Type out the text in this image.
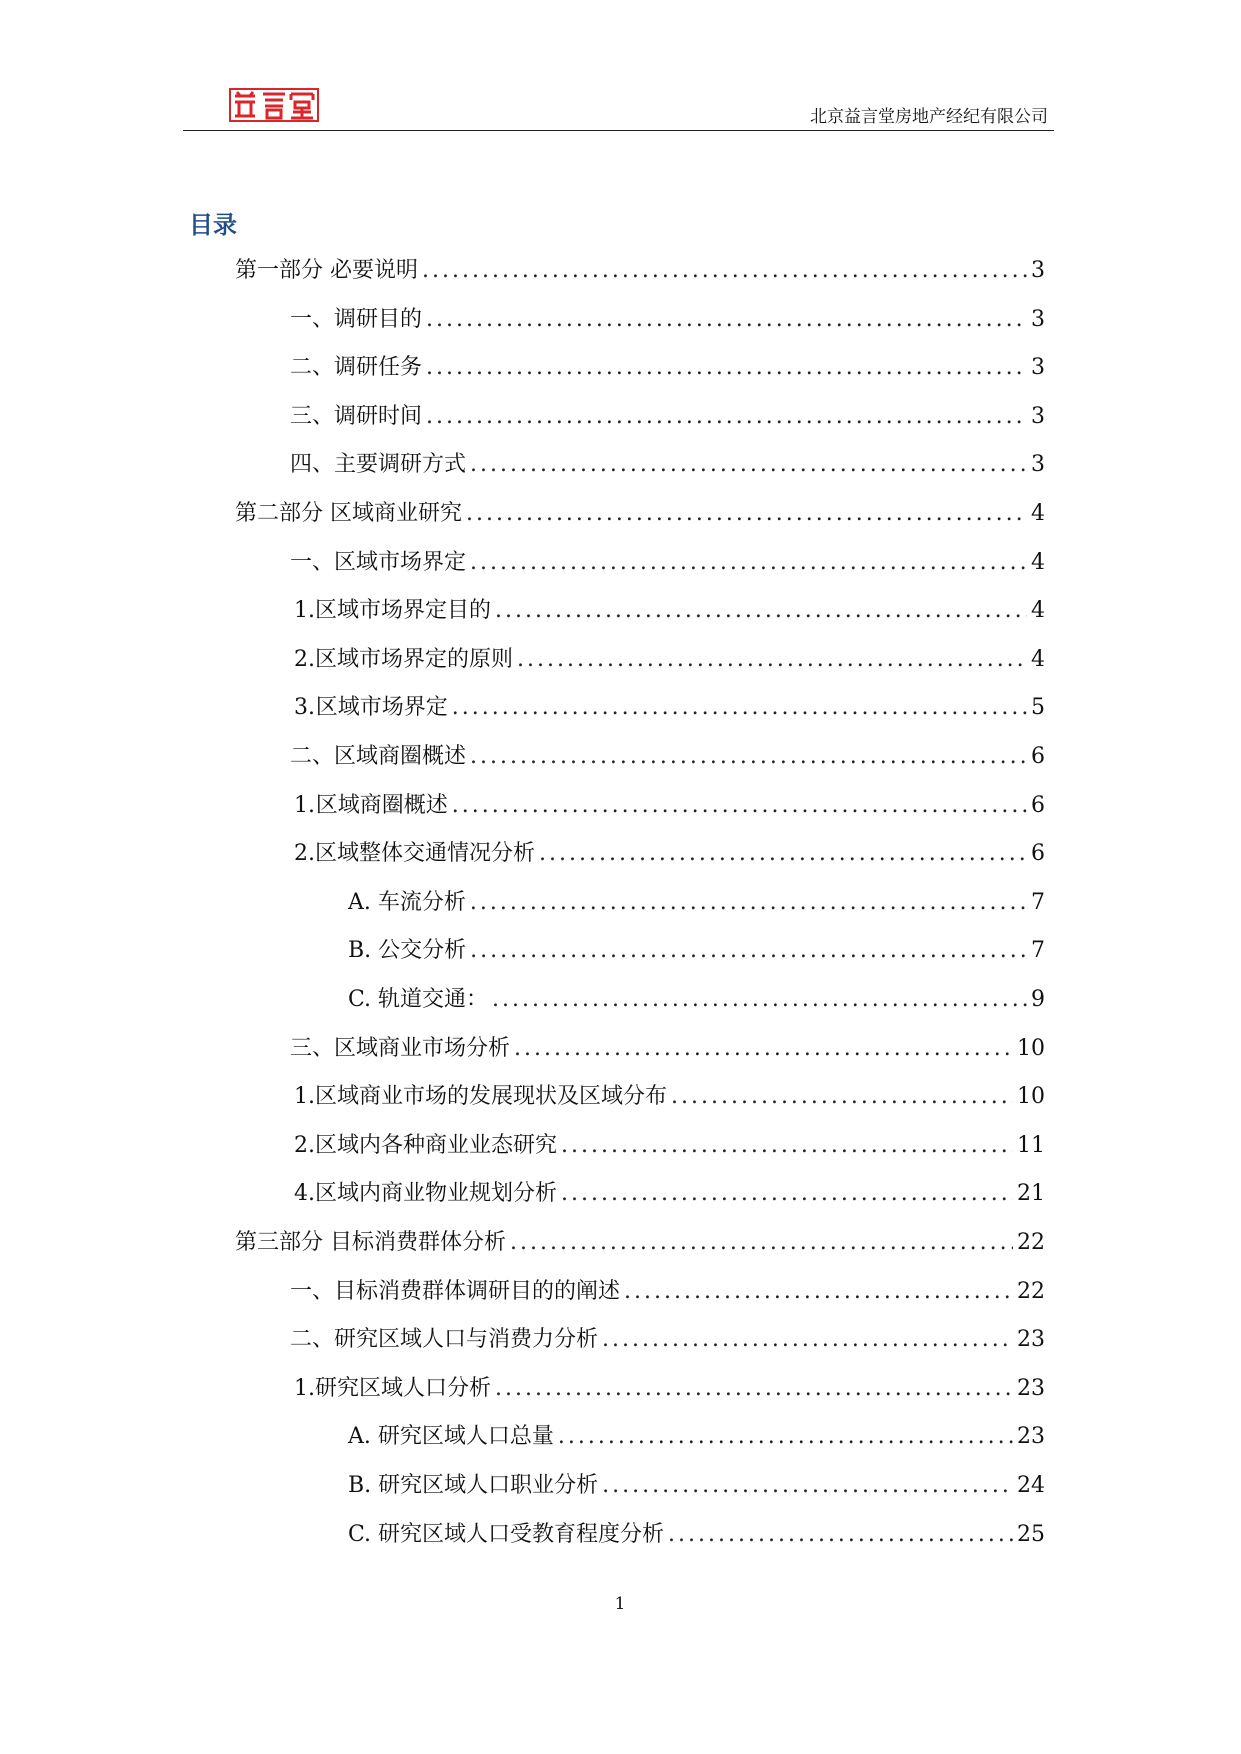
北京益言堂房地产经纪有限公司
目录
第一部分 必要说明 .....	3
一、调研目的 .....	3
二、调研任务 .....	3
三、调研时间 .....	3
四、主要调研方式 .....	3
第二部分 区域商业研究 .....	4
一、 区域市场界定 .....	4
1. 区域市场界定目的 .....	4
2. 区域市场界定的原则 .....	4
3. 区域市场界定 .....	5
二、 区域商圈概述 .....	6
1. 区域商圈概述 .....	6
2. 区域整体交通情况分析 .....	6
A. 车流分析 .....	7
B. 公交分析 .....	7
C. 轨道交通： .....	9
三、 区域商业市场分析 .....	10
1. 区域商业市场的发展现状及区域分布 .....	10
2. 区域内各种商业业态研究 .....	11
4. 区域内商业物业规划分析 .....	21
第三部分 目标消费群体分析 .....	22
一、 目标消费群体调研目的的阐述 .....	22
二、 研究区域人口与消费力分析 .....	23
1. 研究区域人口分析 .....	23
A. 研究区域人口总量 .....	23
B. 研究区域人口职业分析 .....	24
C. 研究区域人口受教育程度分析 .....	25
1
